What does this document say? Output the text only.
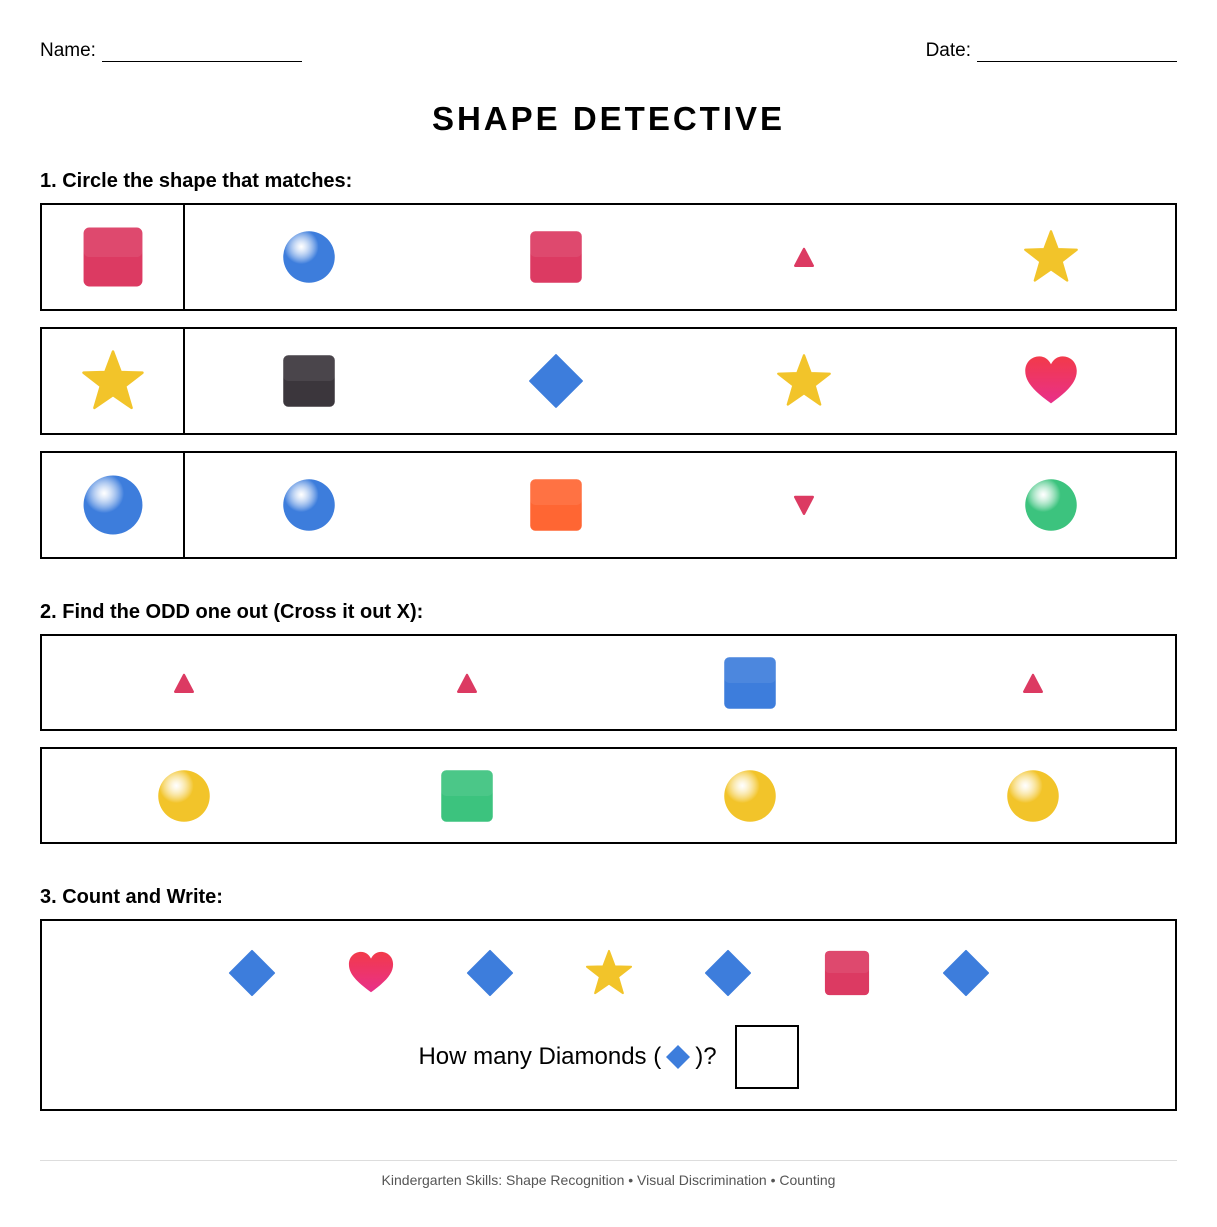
Name:	Date:
SHAPE DETECTIVE
1. Circle the shape that matches:
2. Find the ODD one out (Cross it out X):
3. Count and Write:
How many Diamonds ( )?
Kindergarten Skills: Shape Recognition • Visual Discrimination • Counting
